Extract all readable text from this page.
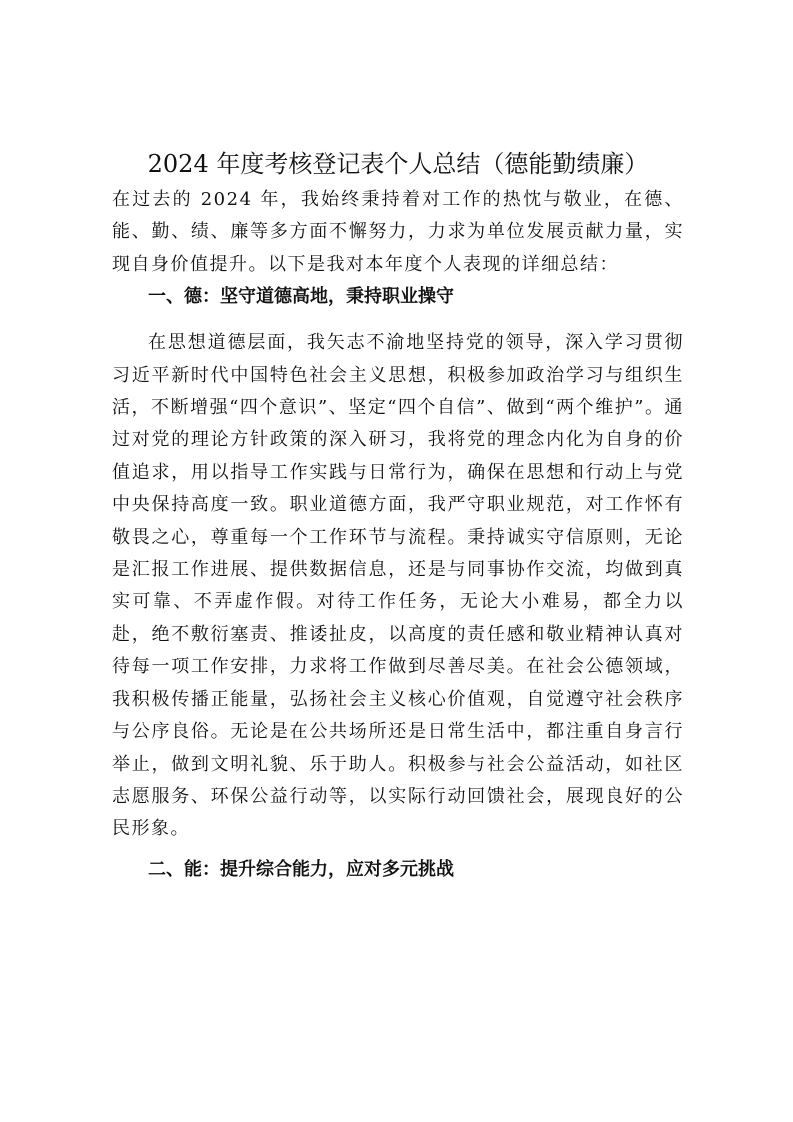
2024 年度考核登记表个人总结（德能勤绩廉）

在过去的 2024 年，我始终秉持着对工作的热忱与敬业，在德、能、勤、绩、廉等多方面不懈努力，力求为单位发展贡献力量，实现自身价值提升。以下是我对本年度个人表现的详细总结：

一、德：坚守道德高地，秉持职业操守

在思想道德层面，我矢志不渝地坚持党的领导，深入学习贯彻习近平新时代中国特色社会主义思想，积极参加政治学习与组织生活，不断增强“四个意识”、坚定“四个自信”、做到“两个维护”。通过对党的理论方针政策的深入研习，我将党的理念内化为自身的价值追求，用以指导工作实践与日常行为，确保在思想和行动上与党中央保持高度一致。职业道德方面，我严守职业规范，对工作怀有敬畏之心，尊重每一个工作环节与流程。秉持诚实守信原则，无论是汇报工作进展、提供数据信息，还是与同事协作交流，均做到真实可靠、不弄虚作假。对待工作任务，无论大小难易，都全力以赴，绝不敷衍塞责、推诿扯皮，以高度的责任感和敬业精神认真对待每一项工作安排，力求将工作做到尽善尽美。在社会公德领域，我积极传播正能量，弘扬社会主义核心价值观，自觉遵守社会秩序与公序良俗。无论是在公共场所还是日常生活中，都注重自身言行举止，做到文明礼貌、乐于助人。积极参与社会公益活动，如社区志愿服务、环保公益行动等，以实际行动回馈社会，展现良好的公民形象。

二、能：提升综合能力，应对多元挑战
